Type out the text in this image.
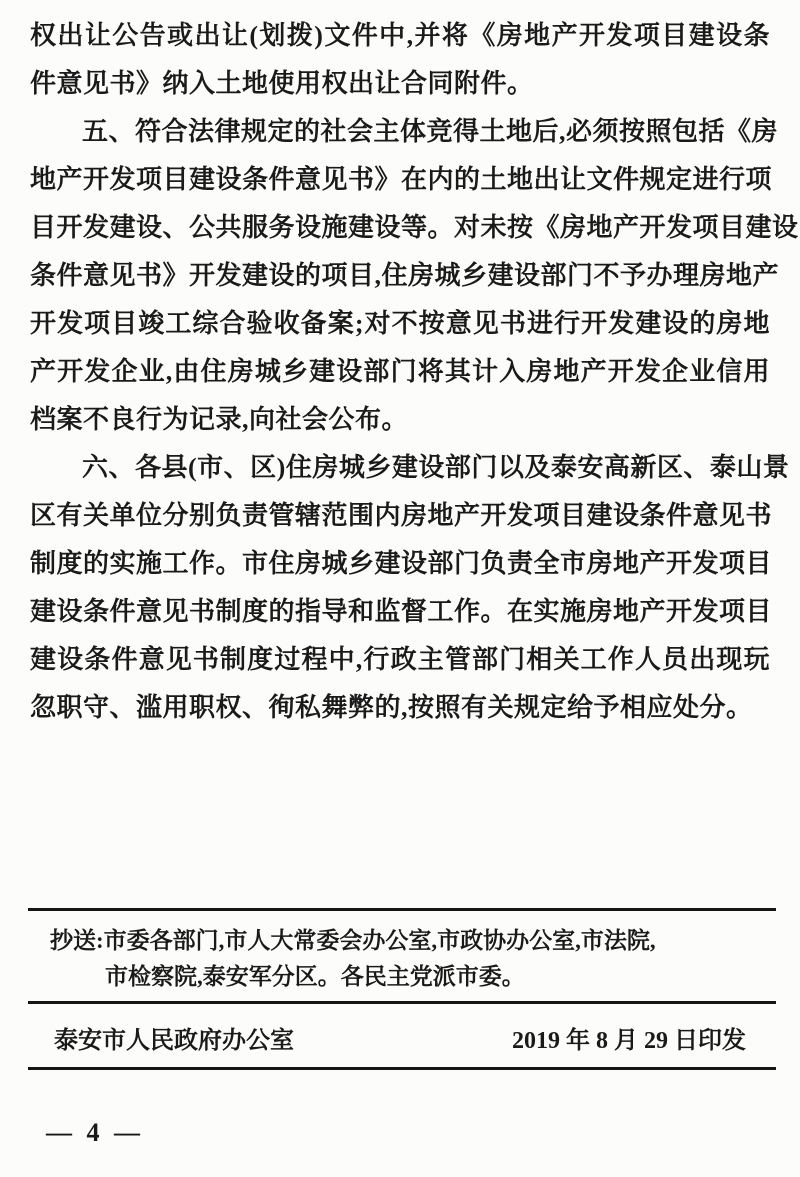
权出让公告或出让(划拨)文件中,并将《房地产开发项目建设条
件意见书》纳入土地使用权出让合同附件。
五、符合法律规定的社会主体竞得土地后,必须按照包括《房
地产开发项目建设条件意见书》在内的土地出让文件规定进行项
目开发建设、公共服务设施建设等。对未按《房地产开发项目建设
条件意见书》开发建设的项目,住房城乡建设部门不予办理房地产
开发项目竣工综合验收备案;对不按意见书进行开发建设的房地
产开发企业,由住房城乡建设部门将其计入房地产开发企业信用
档案不良行为记录,向社会公布。
六、各县(市、区)住房城乡建设部门以及泰安高新区、泰山景
区有关单位分别负责管辖范围内房地产开发项目建设条件意见书
制度的实施工作。市住房城乡建设部门负责全市房地产开发项目
建设条件意见书制度的指导和监督工作。在实施房地产开发项目
建设条件意见书制度过程中,行政主管部门相关工作人员出现玩
忽职守、滥用职权、徇私舞弊的,按照有关规定给予相应处分。
抄送:市委各部门,市人大常委会办公室,市政协办公室,市法院,
市检察院,泰安军分区。各民主党派市委。
泰安市人民政府办公室	2019 年 8 月 29 日印发
— 4 —
